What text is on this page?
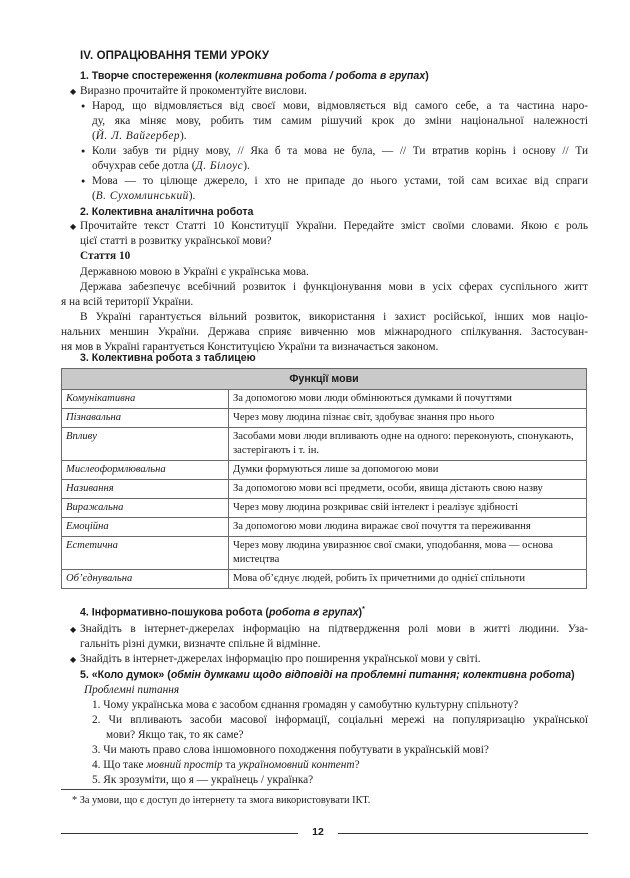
IV. ОПРАЦЮВАННЯ ТЕМИ УРОКУ
1. Творче спостереження (колективна робота / робота в групах)
◆ Виразно прочитайте й прокоментуйте вислови.
● Народ, що відмовляється від своєї мови, відмовляється від самого себе, а та частина наро-
ду, яка міняє мову, робить тим самим рішучий крок до зміни національної належності
(Й. Л. Вайгербер).
● Коли забув ти рідну мову, // Яка б та мова не була, — // Ти втратив корінь і основу // Ти
обчухрав себе дотла (Д. Білоус).
● Мова — то цілюще джерело, і хто не припаде до нього устами, той сам всихає від спраги
(В. Сухомлинський).
2. Колективна аналітична робота
◆ Прочитайте текст Статті 10 Конституції України. Передайте зміст своїми словами. Якою є роль
цієї статті в розвитку української мови?
Стаття 10
Державною мовою в Україні є українська мова.
Держава забезпечує всебічний розвиток і функціонування мови в усіх сферах суспільного житт
я на всій території України.
В Україні гарантується вільний розвиток, використання і захист російської, інших мов націо-
нальних меншин України. Держава сприяє вивченню мов міжнародного спілкування. Застосуван-
ня мов в Україні гарантується Конституцією України та визначається законом.
3. Колективна робота з таблицею
Функції мови	
Комунікативна	За допомогою мови люди обмінюються думками й почуттями
Пізнавальна	Через мову людина пізнає світ, здобуває знання про нього
Впливу	Засобами мови люди впливають одне на одного: переконують, спонукають, застерігають і т. ін.
Мислеоформлювальна	Думки формуються лише за допомогою мови
Називання	За допомогою мови всі предмети, особи, явища дістають свою назву
Виражальна	Через мову людина розкриває свій інтелект і реалізує здібності
Емоційна	За допомогою мови людина виражає свої почуття та переживання
Естетична	Через мову людина увиразнює свої смаки, уподобання, мова — основа мистецтва
Об’єднувальна	Мова об’єднує людей, робить їх причетними до однієї спільноти
4. Інформативно-пошукова робота (робота в групах)*
◆ Знайдіть в інтернет-джерелах інформацію на підтвердження ролі мови в житті людини. Уза-
гальніть різні думки, визначте спільне й відмінне.
◆ Знайдіть в інтернет-джерелах інформацію про поширення української мови у світі.
5. «Коло думок» (обмін думками щодо відповіді на проблемні питання; колективна робота)
Проблемні питання
1. Чому українська мова є засобом єднання громадян у самобутню культурну спільноту?
2. Чи впливають засоби масової інформації, соціальні мережі на популяризацію української
мови? Якщо так, то як саме?
3. Чи мають право слова іншомовного походження побутувати в українській мові?
4. Що таке мовний простір та україномовний контент?
5. Як зрозуміти, що я — українець / українка?
* За умови, що є доступ до інтернету та змога використовувати ІКТ.
12
